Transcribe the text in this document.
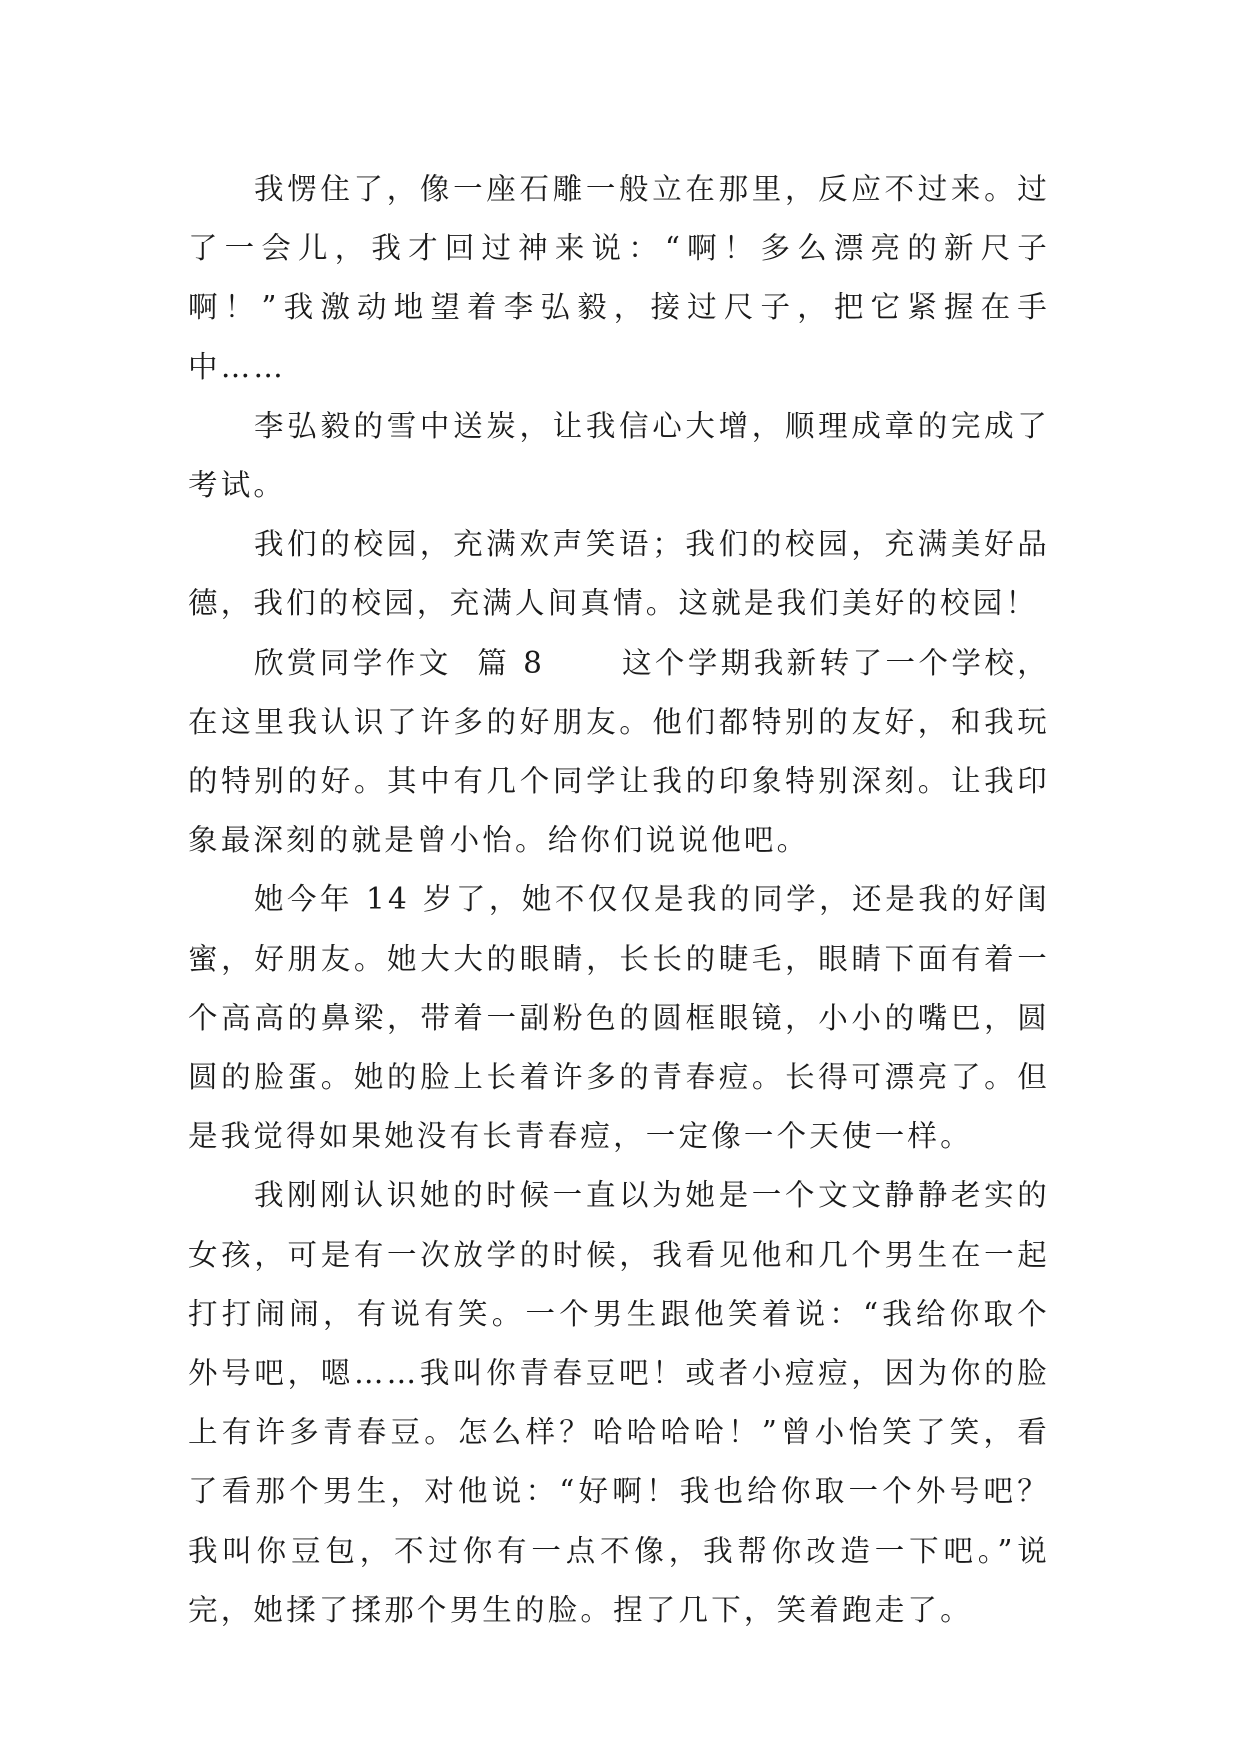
我愣住了，像一座石雕一般立在那里，反应不过来。过了一会儿，我才回过神来说：“啊！多么漂亮的新尺子啊！”我激动地望着李弘毅，接过尺子，把它紧握在手中……

李弘毅的雪中送炭，让我信心大增，顺理成章的完成了考试。

我们的校园，充满欢声笑语；我们的校园，充满美好品德，我们的校园，充满人间真情。这就是我们美好的校园！

欣赏同学作文  篇 8      这个学期我新转了一个学校，在这里我认识了许多的好朋友。他们都特别的友好，和我玩的特别的好。其中有几个同学让我的印象特别深刻。让我印象最深刻的就是曾小怡。给你们说说他吧。

她今年 14 岁了，她不仅仅是我的同学，还是我的好闺蜜，好朋友。她大大的眼睛，长长的睫毛，眼睛下面有着一个高高的鼻梁，带着一副粉色的圆框眼镜，小小的嘴巴，圆圆的脸蛋。她的脸上长着许多的青春痘。长得可漂亮了。但是我觉得如果她没有长青春痘，一定像一个天使一样。

我刚刚认识她的时候一直以为她是一个文文静静老实的女孩，可是有一次放学的时候，我看见他和几个男生在一起打打闹闹，有说有笑。一个男生跟他笑着说：“我给你取个外号吧，嗯……我叫你青春豆吧！或者小痘痘，因为你的脸上有许多青春豆。怎么样？哈哈哈哈！”曾小怡笑了笑，看了看那个男生，对他说：“好啊！我也给你取一个外号吧？我叫你豆包，不过你有一点不像，我帮你改造一下吧。”说完，她揉了揉那个男生的脸。捏了几下，笑着跑走了。
